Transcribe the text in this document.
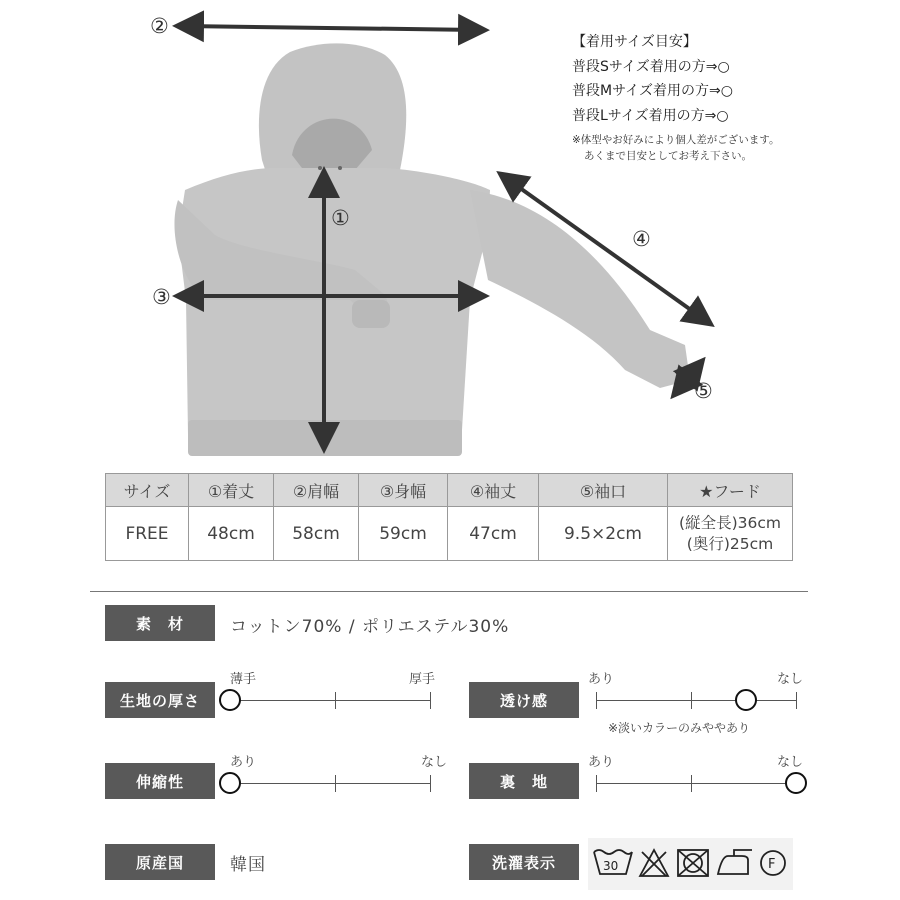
②
①
③
④
⑤
【着用サイズ目安】
普段Sサイズ着用の方⇒○
普段Mサイズ着用の方⇒○
普段Lサイズ着用の方⇒○
※体型やお好みにより個人差がございます。
あくまで目安としてお考え下さい。
サイズ	①着丈	②肩幅	③身幅	④袖丈	⑤袖口	★フード
FREE	48cm	58cm	59cm	47cm	9.5×2cm	(縦全長)36cm
(奥行)25cm
素　材	コットン70% / ポリエステル30%
生地の厚さ
薄手	厚手
透け感
あり	なし
※淡いカラーのみややあり
伸縮性
あり	なし
裏　地
あり	なし
原産国	韓国	洗濯表示	30	F
